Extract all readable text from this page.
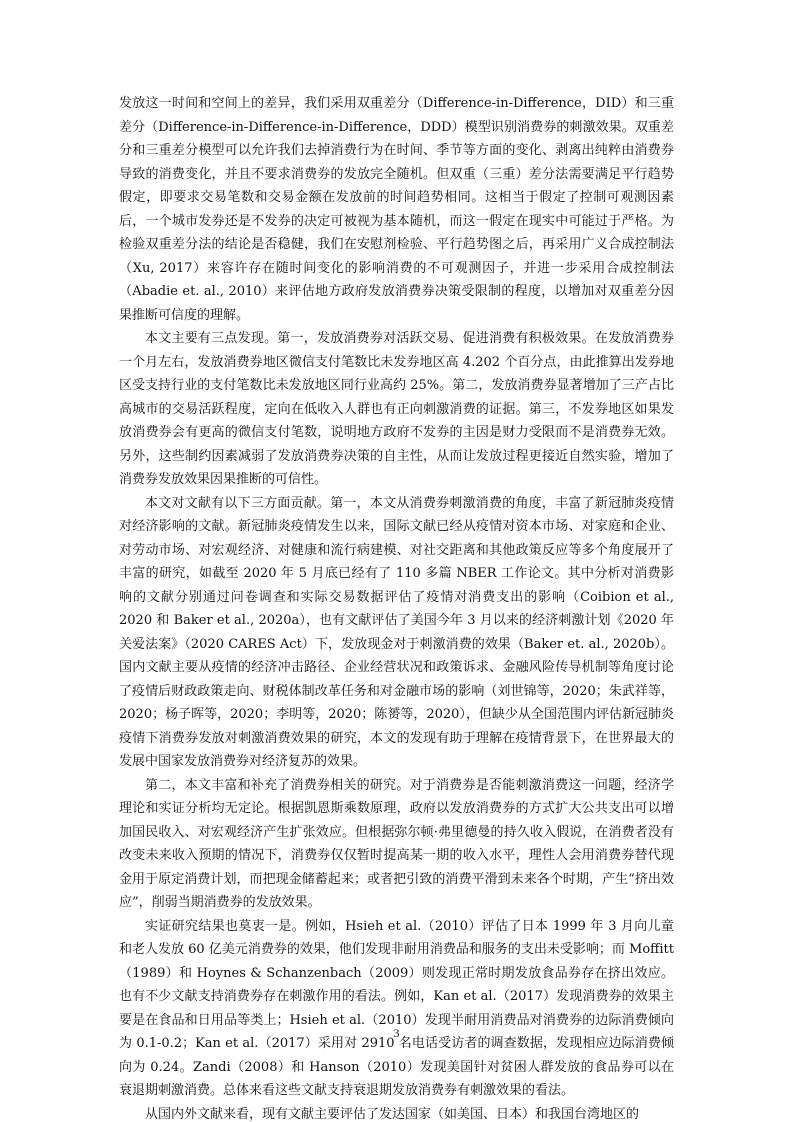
发放这一时间和空间上的差异，我们采用双重差分（Difference-in-Difference，DID）和三重差分（Difference-in-Difference-in-Difference，DDD）模型识别消费券的刺激效果。双重差分和三重差分模型可以允许我们去掉消费行为在时间、季节等方面的变化、剥离出纯粹由消费券导致的消费变化，并且不要求消费券的发放完全随机。但双重（三重）差分法需要满足平行趋势假定，即要求交易笔数和交易金额在发放前的时间趋势相同。这相当于假定了控制可观测因素后，一个城市发券还是不发券的决定可被视为基本随机，而这一假定在现实中可能过于严格。为检验双重差分法的结论是否稳健，我们在安慰剂检验、平行趋势图之后，再采用广义合成控制法（Xu, 2017）来容许存在随时间变化的影响消费的不可观测因子，并进一步采用合成控制法（Abadie et. al., 2010）来评估地方政府发放消费券决策受限制的程度，以增加对双重差分因果推断可信度的理解。

本文主要有三点发现。第一，发放消费券对活跃交易、促进消费有积极效果。在发放消费券一个月左右，发放消费券地区微信支付笔数比未发券地区高 4.202 个百分点，由此推算出发券地区受支持行业的支付笔数比未发放地区同行业高约 25%。第二，发放消费券显著增加了三产占比高城市的交易活跃程度，定向在低收入人群也有正向刺激消费的证据。第三，不发券地区如果发放消费券会有更高的微信支付笔数，说明地方政府不发券的主因是财力受限而不是消费券无效。另外，这些制约因素减弱了发放消费券决策的自主性，从而让发放过程更接近自然实验，增加了消费券发放效果因果推断的可信性。

本文对文献有以下三方面贡献。第一，本文从消费券刺激消费的角度，丰富了新冠肺炎疫情对经济影响的文献。新冠肺炎疫情发生以来，国际文献已经从疫情对资本市场、对家庭和企业、对劳动市场、对宏观经济、对健康和流行病建模、对社交距离和其他政策反应等多个角度展开了丰富的研究，如截至 2020 年 5 月底已经有了 110 多篇 NBER 工作论文。其中分析对消费影响的文献分别通过问卷调查和实际交易数据评估了疫情对消费支出的影响（Coibion et al., 2020 和 Baker et al., 2020a），也有文献评估了美国今年 3 月以来的经济刺激计划《2020 年关爱法案》（2020 CARES Act）下，发放现金对于刺激消费的效果（Baker et. al., 2020b）。国内文献主要从疫情的经济冲击路径、企业经营状况和政策诉求、金融风险传导机制等角度讨论了疫情后财政政策走向、财税体制改革任务和对金融市场的影响（刘世锦等，2020；朱武祥等，2020；杨子晖等，2020；李明等，2020；陈赟等，2020），但缺少从全国范围内评估新冠肺炎疫情下消费券发放对刺激消费效果的研究，本文的发现有助于理解在疫情背景下，在世界最大的发展中国家发放消费券对经济复苏的效果。

第二，本文丰富和补充了消费券相关的研究。对于消费券是否能刺激消费这一问题，经济学理论和实证分析均无定论。根据凯恩斯乘数原理，政府以发放消费券的方式扩大公共支出可以增加国民收入、对宏观经济产生扩张效应。但根据弥尔顿·弗里德曼的持久收入假说，在消费者没有改变未来收入预期的情况下，消费券仅仅暂时提高某一期的收入水平，理性人会用消费券替代现金用于原定消费计划，而把现金储蓄起来；或者把引致的消费平滑到未来各个时期，产生“挤出效应”，削弱当期消费券的发放效果。

实证研究结果也莫衷一是。例如，Hsieh et al.（2010）评估了日本 1999 年 3 月向儿童和老人发放 60 亿美元消费券的效果，他们发现非耐用消费品和服务的支出未受影响；而 Moffitt（1989）和 Hoynes & Schanzenbach（2009）则发现正常时期发放食品券存在挤出效应。也有不少文献支持消费券存在刺激作用的看法。例如，Kan et al.（2017）发现消费券的效果主要是在食品和日用品等类上；Hsieh et al.（2010）发现半耐用消费品对消费券的边际消费倾向为 0.1-0.2；Kan et al.（2017）采用对 2910 名电话受访者的调查数据，发现相应边际消费倾向为 0.24。Zandi（2008）和 Hanson（2010）发现美国针对贫困人群发放的食品券可以在衰退期刺激消费。总体来看这些文献支持衰退期发放消费券有刺激效果的看法。

从国内外文献来看，现有文献主要评估了发达国家（如美国、日本）和我国台湾地区的

3
